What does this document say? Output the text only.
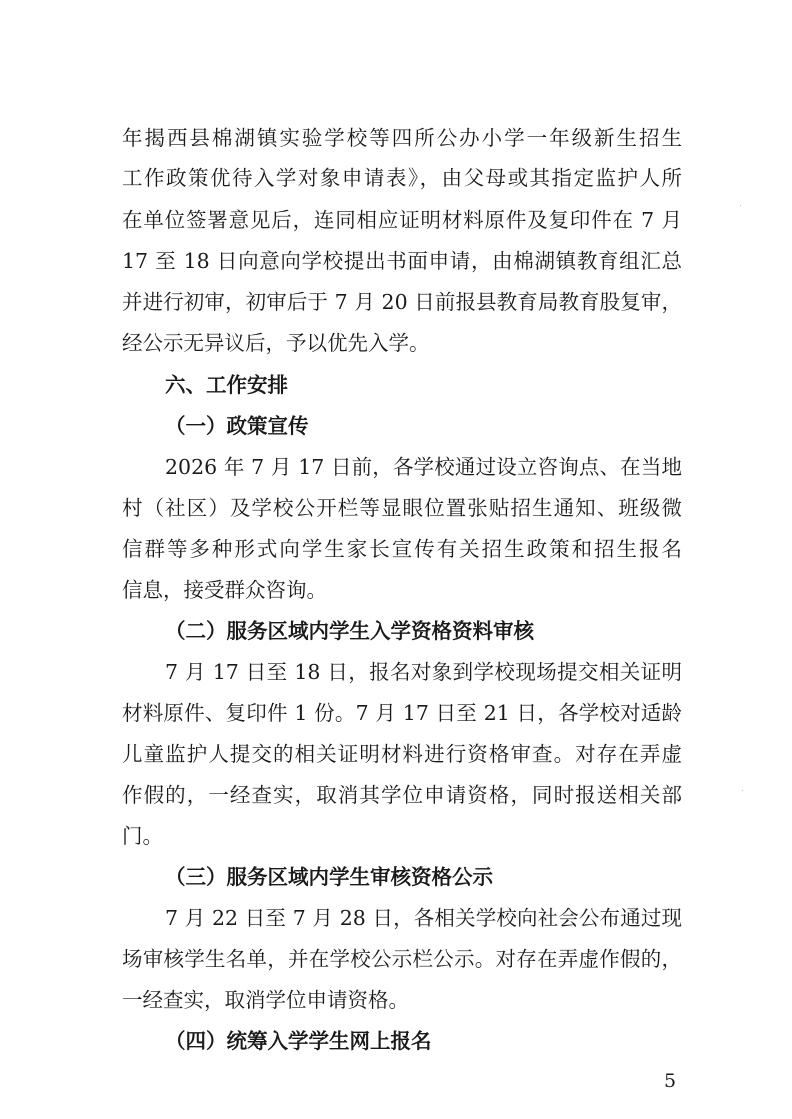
年揭西县棉湖镇实验学校等四所公办小学一年级新生招生
工作政策优待入学对象申请表》，由父母或其指定监护人所
在单位签署意见后，连同相应证明材料原件及复印件在 7 月
17 至 18 日向意向学校提出书面申请，由棉湖镇教育组汇总
并进行初审，初审后于 7 月 20 日前报县教育局教育股复审，
经公示无异议后，予以优先入学。
六、工作安排
（一）政策宣传
2026 年 7 月 17 日前，各学校通过设立咨询点、在当地
村（社区）及学校公开栏等显眼位置张贴招生通知、班级微
信群等多种形式向学生家长宣传有关招生政策和招生报名
信息，接受群众咨询。
（二）服务区域内学生入学资格资料审核
7 月 17 日至 18 日，报名对象到学校现场提交相关证明
材料原件、复印件 1 份。7 月 17 日至 21 日，各学校对适龄
儿童监护人提交的相关证明材料进行资格审查。对存在弄虚
作假的，一经查实，取消其学位申请资格，同时报送相关部
门。
（三）服务区域内学生审核资格公示
7 月 22 日至 7 月 28 日，各相关学校向社会公布通过现
5
场审核学生名单，并在学校公示栏公示。对存在弄虚作假的，
一经查实，取消学位申请资格。
（四）统筹入学学生网上报名
